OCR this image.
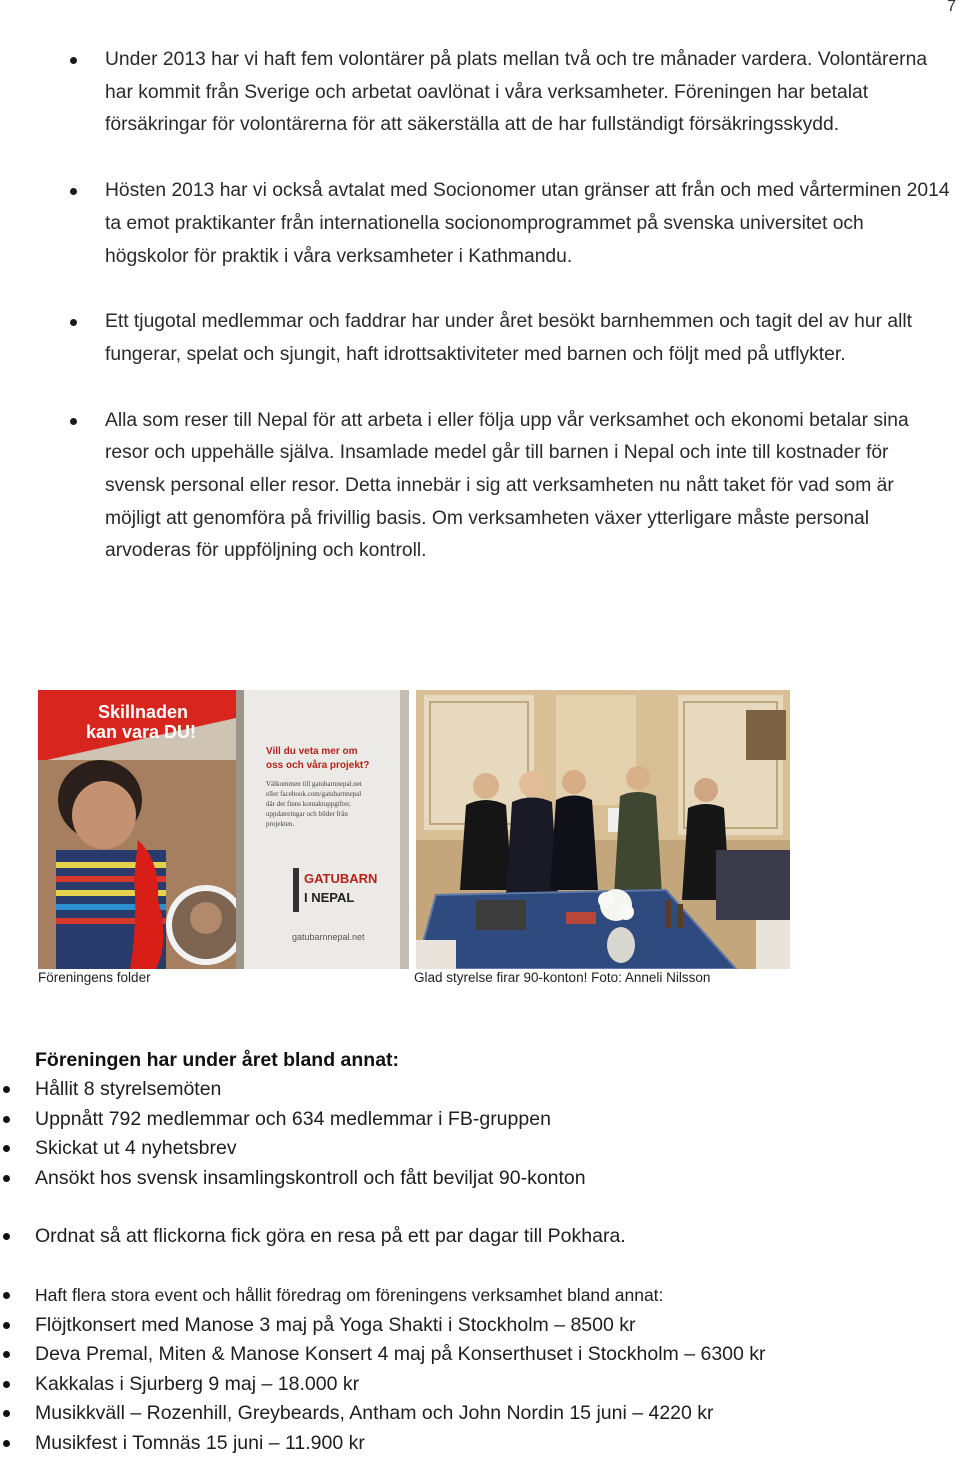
7
Under 2013 har vi haft fem volontärer på plats mellan två och tre månader vardera. Volontärerna har kommit från Sverige och arbetat oavlönat i våra verksamheter. Föreningen har betalat försäkringar för volontärerna för att säkerställa att de har fullständigt försäkringsskydd.
Hösten 2013 har vi också avtalat med Socionomer utan gränser att från och med vårterminen 2014 ta emot praktikanter från internationella socionomprogrammet på svenska universitet och högskolor för praktik i våra verksamheter i Kathmandu.
Ett tjugotal medlemmar och faddrar har under året besökt barnhemmen och tagit del av hur allt fungerar, spelat och sjungit, haft idrottsaktiviteter med barnen och följt med på utflykter.
Alla som reser till Nepal för att arbeta i eller följa upp vår verksamhet och ekonomi betalar sina resor och uppehälle själva. Insamlade medel går till barnen i Nepal och inte till kostnader för svensk personal eller resor. Detta innebär i sig att verksamheten nu nått taket för vad som är möjligt att genomföra på frivillig basis. Om verksamheten växer ytterligare måste personal arvoderas för uppföljning och kontroll.
Skillnaden
kan vara DU!
Vill du veta mer om
oss och våra projekt?
Välkommen till gatubarnnepal.net
eller facebook.com/gatubarnnepal
där det finns kontaktuppgifter,
uppdateringar och bilder från
projekten.
GATUBARN
I NEPAL
gatubarnnepal.net
Föreningens folder	Glad styrelse firar 90-konton! Foto: Anneli Nilsson
Föreningen har under året bland annat:
Hållit 8 styrelsemöten
Uppnått 792 medlemmar och 634 medlemmar i FB-gruppen
Skickat ut 4 nyhetsbrev
Ansökt hos svensk insamlingskontroll och fått beviljat 90-konton
Ordnat så att flickorna fick göra en resa på ett par dagar till Pokhara.
Haft flera stora event och hållit föredrag om föreningens verksamhet bland annat:
Flöjtkonsert med Manose 3 maj på Yoga Shakti i Stockholm – 8500 kr
Deva Premal, Miten & Manose Konsert 4 maj på Konserthuset i Stockholm – 6300 kr
Kakkalas i Sjurberg 9 maj – 18.000 kr
Musikkväll – Rozenhill, Greybeards, Antham och John Nordin 15 juni – 4220 kr
Musikfest i Tomnäs 15 juni – 11.900 kr
